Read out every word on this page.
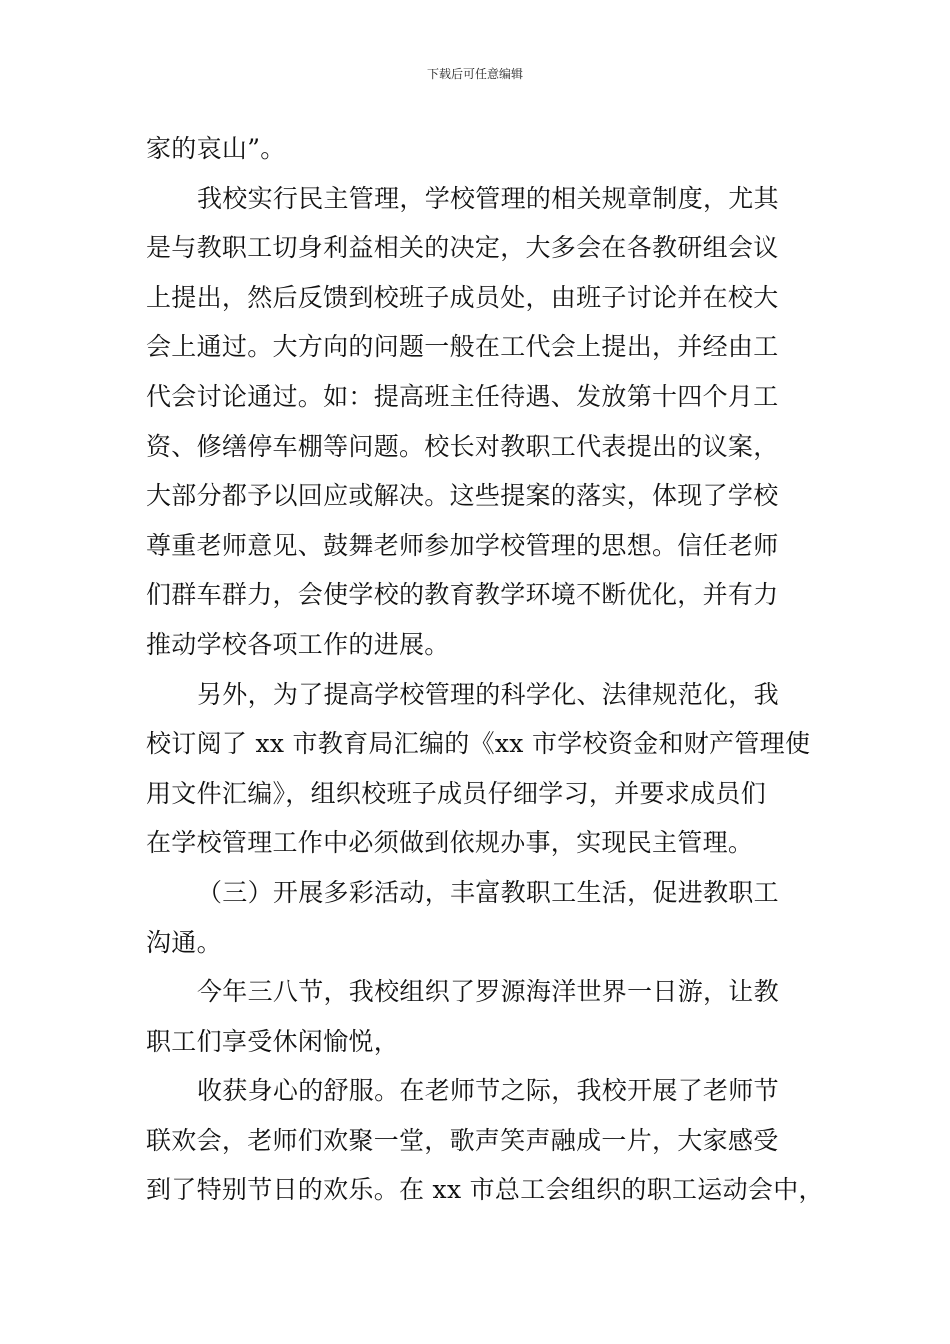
下载后可任意编辑
家的哀山”。
我校实行民主管理，学校管理的相关规章制度，尤其
是与教职工切身利益相关的决定，大多会在各教研组会议
上提出，然后反馈到校班子成员处，由班子讨论并在校大
会上通过。大方向的问题一般在工代会上提出，并经由工
代会讨论通过。如：提高班主任待遇、发放第十四个月工
资、修缮停车棚等问题。校长对教职工代表提出的议案，
大部分都予以回应或解决。这些提案的落实，体现了学校
尊重老师意见、鼓舞老师参加学校管理的思想。信任老师
们群车群力，会使学校的教育教学环境不断优化，并有力
推动学校各项工作的进展。
另外，为了提高学校管理的科学化、法律规范化，我
校订阅了 xx 市教育局汇编的《xx 市学校资金和财产管理使
用文件汇编》，组织校班子成员仔细学习，并要求成员们
在学校管理工作中必须做到依规办事，实现民主管理。
（三）开展多彩活动，丰富教职工生活，促进教职工
沟通。
今年三八节，我校组织了罗源海洋世界一日游，让教
职工们享受休闲愉悦，
收获身心的舒服。在老师节之际，我校开展了老师节
联欢会，老师们欢聚一堂，歌声笑声融成一片，大家感受
到了特别节日的欢乐。在 xx 市总工会组织的职工运动会中，
